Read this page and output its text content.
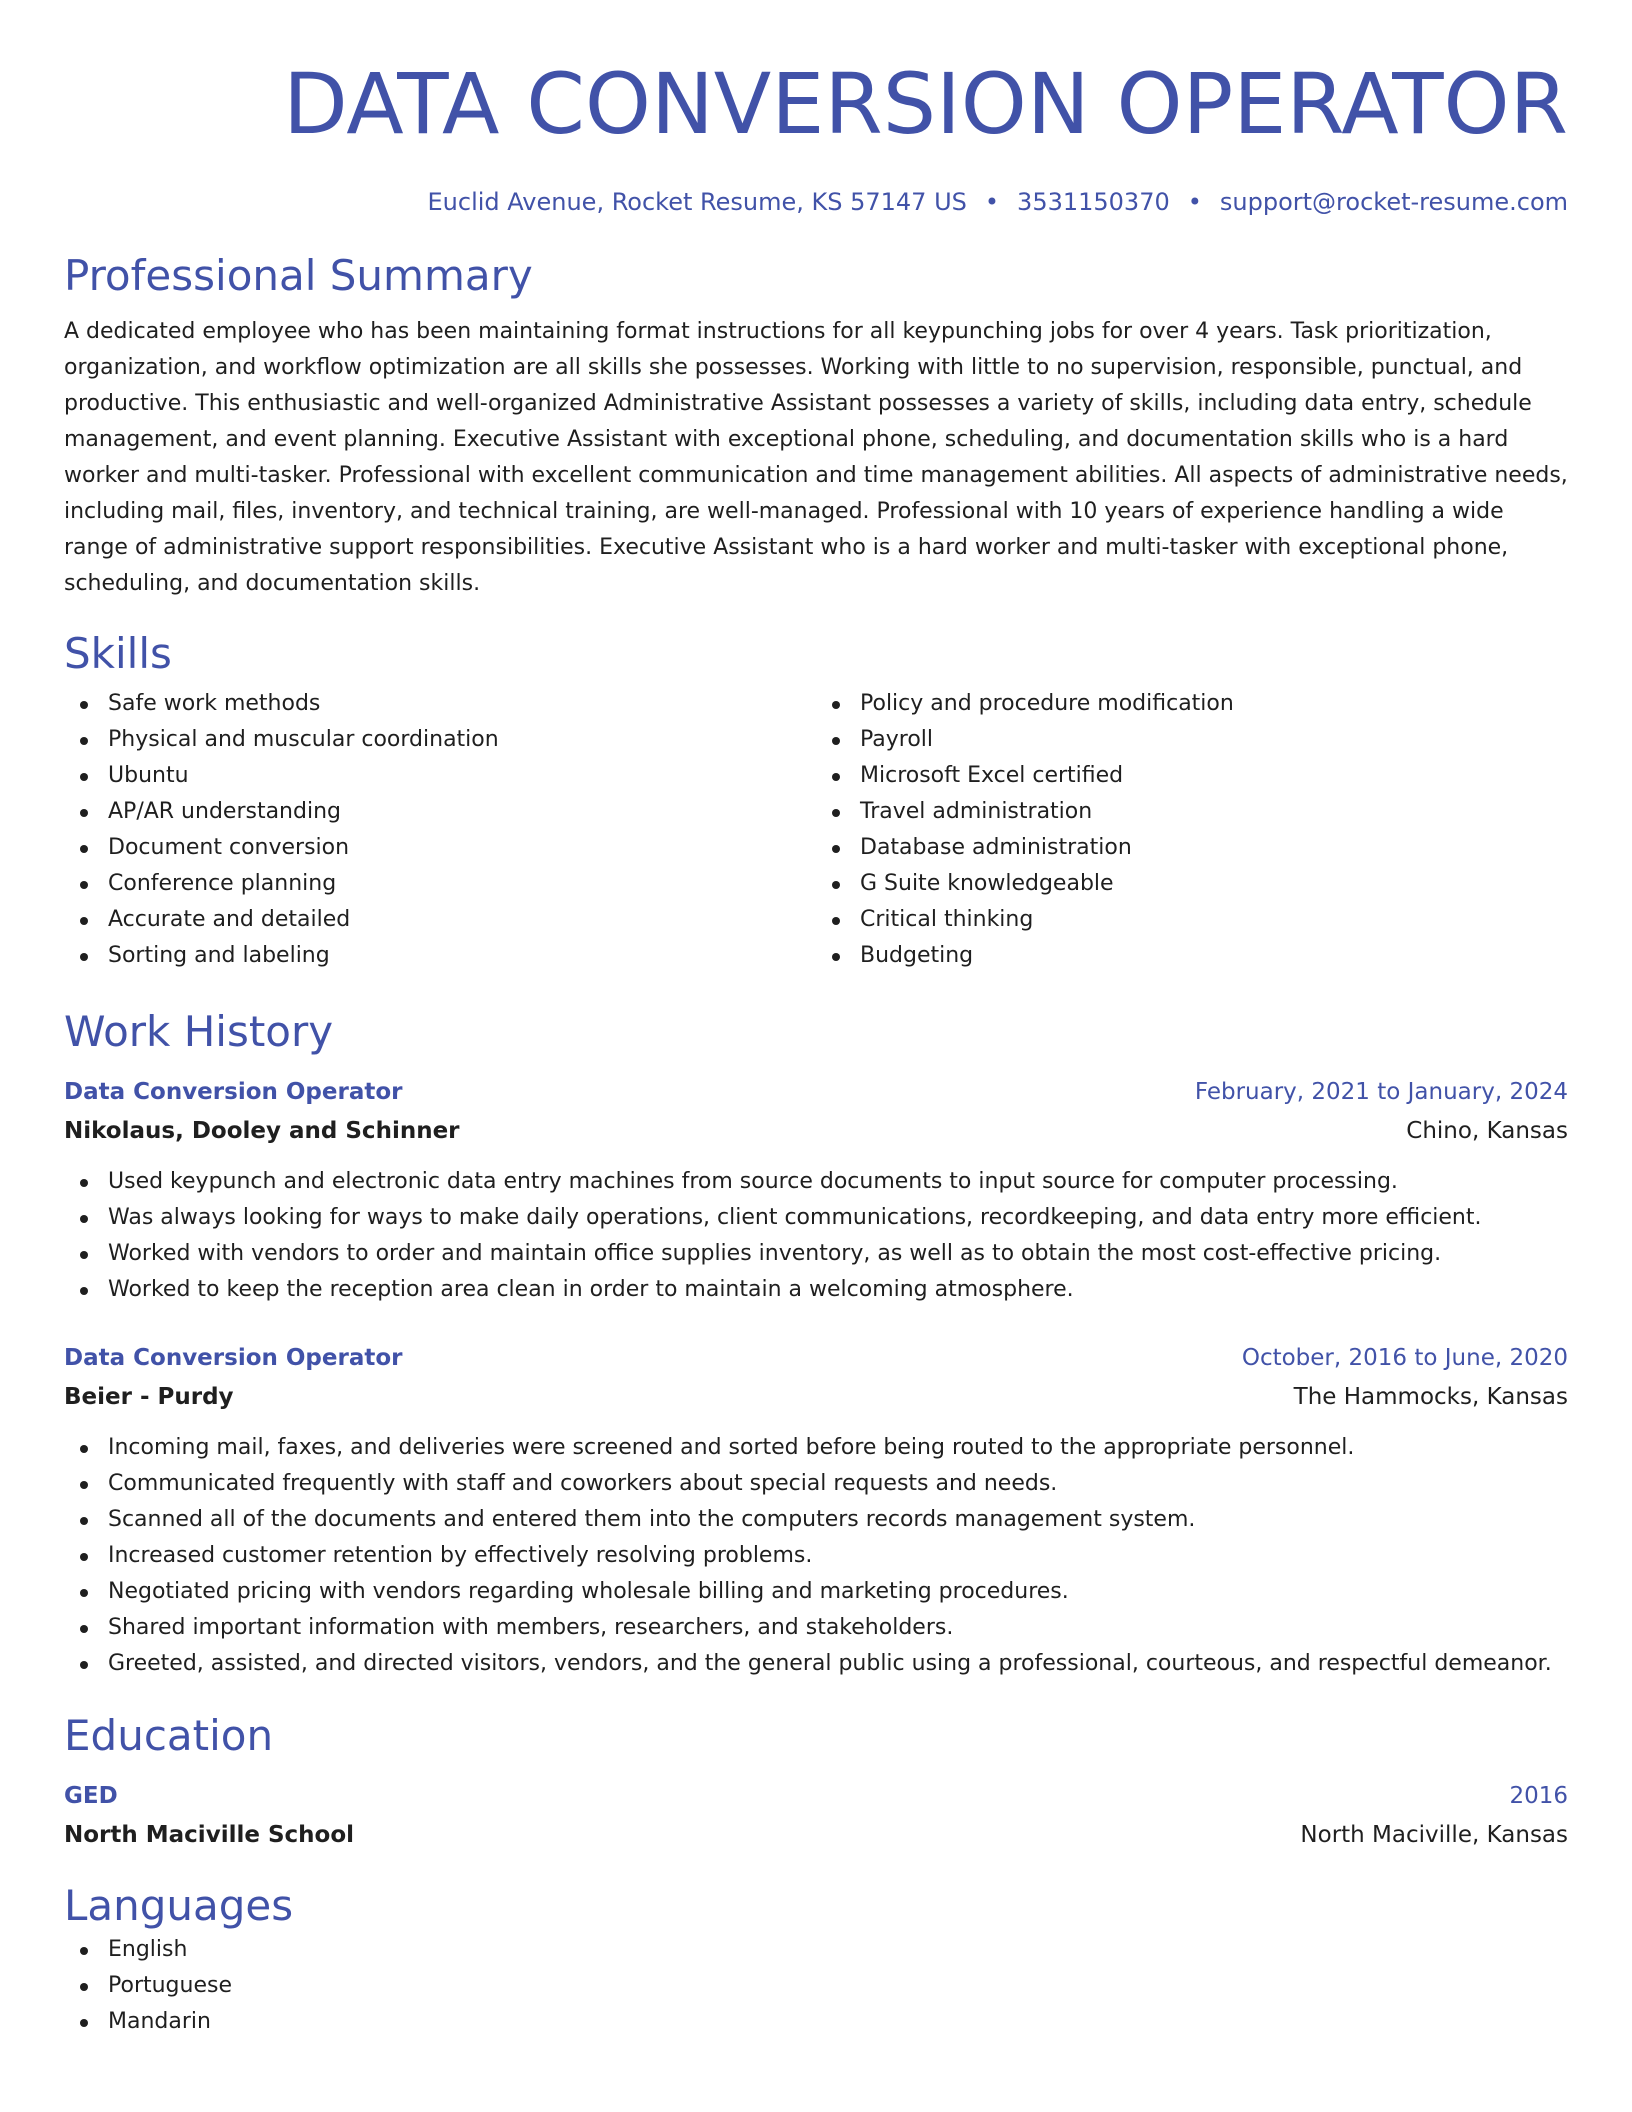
DATA CONVERSION OPERATOR
Euclid Avenue, Rocket Resume, KS 57147 US • 3531150370 • support@rocket-resume.com
Professional Summary
A dedicated employee who has been maintaining format instructions for all keypunching jobs for over 4 years. Task prioritization, organization, and workflow optimization are all skills she possesses. Working with little to no supervision, responsible, punctual, and productive. This enthusiastic and well-organized Administrative Assistant possesses a variety of skills, including data entry, schedule management, and event planning. Executive Assistant with exceptional phone, scheduling, and documentation skills who is a hard worker and multi-tasker. Professional with excellent communication and time management abilities. All aspects of administrative needs, including mail, files, inventory, and technical training, are well-managed. Professional with 10 years of experience handling a wide range of administrative support responsibilities. Executive Assistant who is a hard worker and multi-tasker with exceptional phone, scheduling, and documentation skills.
Skills
Safe work methods
Physical and muscular coordination
Ubuntu
AP/AR understanding
Document conversion
Conference planning
Accurate and detailed
Sorting and labeling
Policy and procedure modification
Payroll
Microsoft Excel certified
Travel administration
Database administration
G Suite knowledgeable
Critical thinking
Budgeting
Work History
Data Conversion Operator	February, 2021 to January, 2024
Nikolaus, Dooley and Schinner	Chino, Kansas
Used keypunch and electronic data entry machines from source documents to input source for computer processing.
Was always looking for ways to make daily operations, client communications, recordkeeping, and data entry more efficient.
Worked with vendors to order and maintain office supplies inventory, as well as to obtain the most cost-effective pricing.
Worked to keep the reception area clean in order to maintain a welcoming atmosphere.
Data Conversion Operator	October, 2016 to June, 2020
Beier - Purdy	The Hammocks, Kansas
Incoming mail, faxes, and deliveries were screened and sorted before being routed to the appropriate personnel.
Communicated frequently with staff and coworkers about special requests and needs.
Scanned all of the documents and entered them into the computers records management system.
Increased customer retention by effectively resolving problems.
Negotiated pricing with vendors regarding wholesale billing and marketing procedures.
Shared important information with members, researchers, and stakeholders.
Greeted, assisted, and directed visitors, vendors, and the general public using a professional, courteous, and respectful demeanor.
Education
GED	2016
North Maciville School	North Maciville, Kansas
Languages
English
Portuguese
Mandarin
